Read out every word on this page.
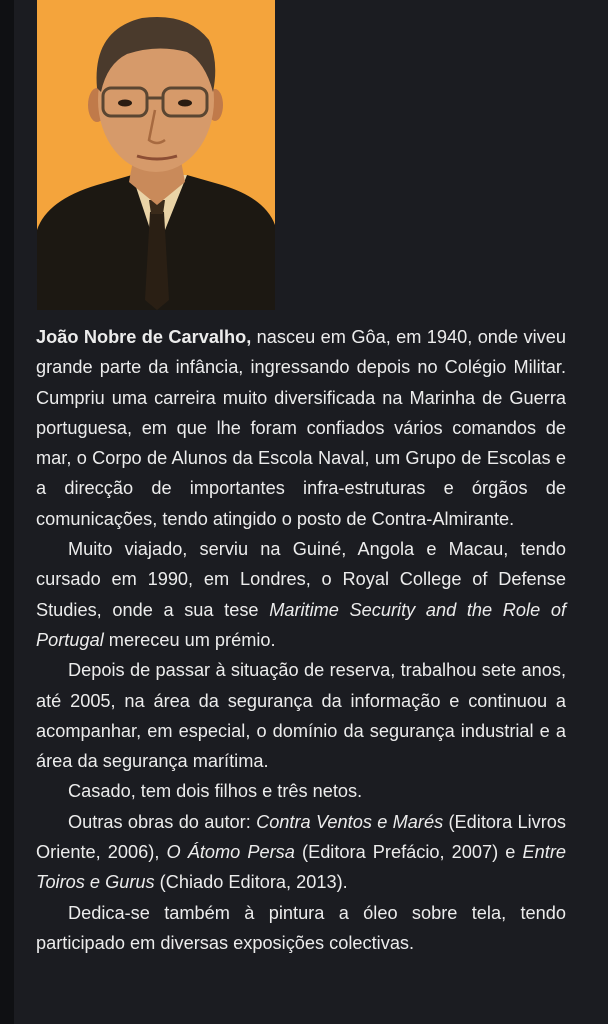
João Nobre de Carvalho, nasceu em Gôa, em 1940, onde viveu grande parte da infância, ingressando depois no Colégio Militar. Cumpriu uma carreira muito diversificada na Marinha de Guerra portuguesa, em que lhe foram confiados vários comandos de mar, o Corpo de Alunos da Escola Naval, um Grupo de Escolas e a direcção de importantes infra-estruturas e órgãos de comunicações, tendo atingido o posto de Contra-Almirante.

Muito viajado, serviu na Guiné, Angola e Macau, tendo cursado em 1990, em Londres, o Royal College of Defense Studies, onde a sua tese Maritime Security and the Role of Portugal mereceu um prémio.

Depois de passar à situação de reserva, trabalhou sete anos, até 2005, na área da segurança da informação e continuou a acompanhar, em especial, o domínio da segurança industrial e a área da segurança marítima.

Casado, tem dois filhos e três netos.

Outras obras do autor: Contra Ventos e Marés (Editora Livros Oriente, 2006), O Átomo Persa (Editora Prefácio, 2007) e Entre Toiros e Gurus (Chiado Editora, 2013).

Dedica-se também à pintura a óleo sobre tela, tendo participado em diversas exposições colectivas.
